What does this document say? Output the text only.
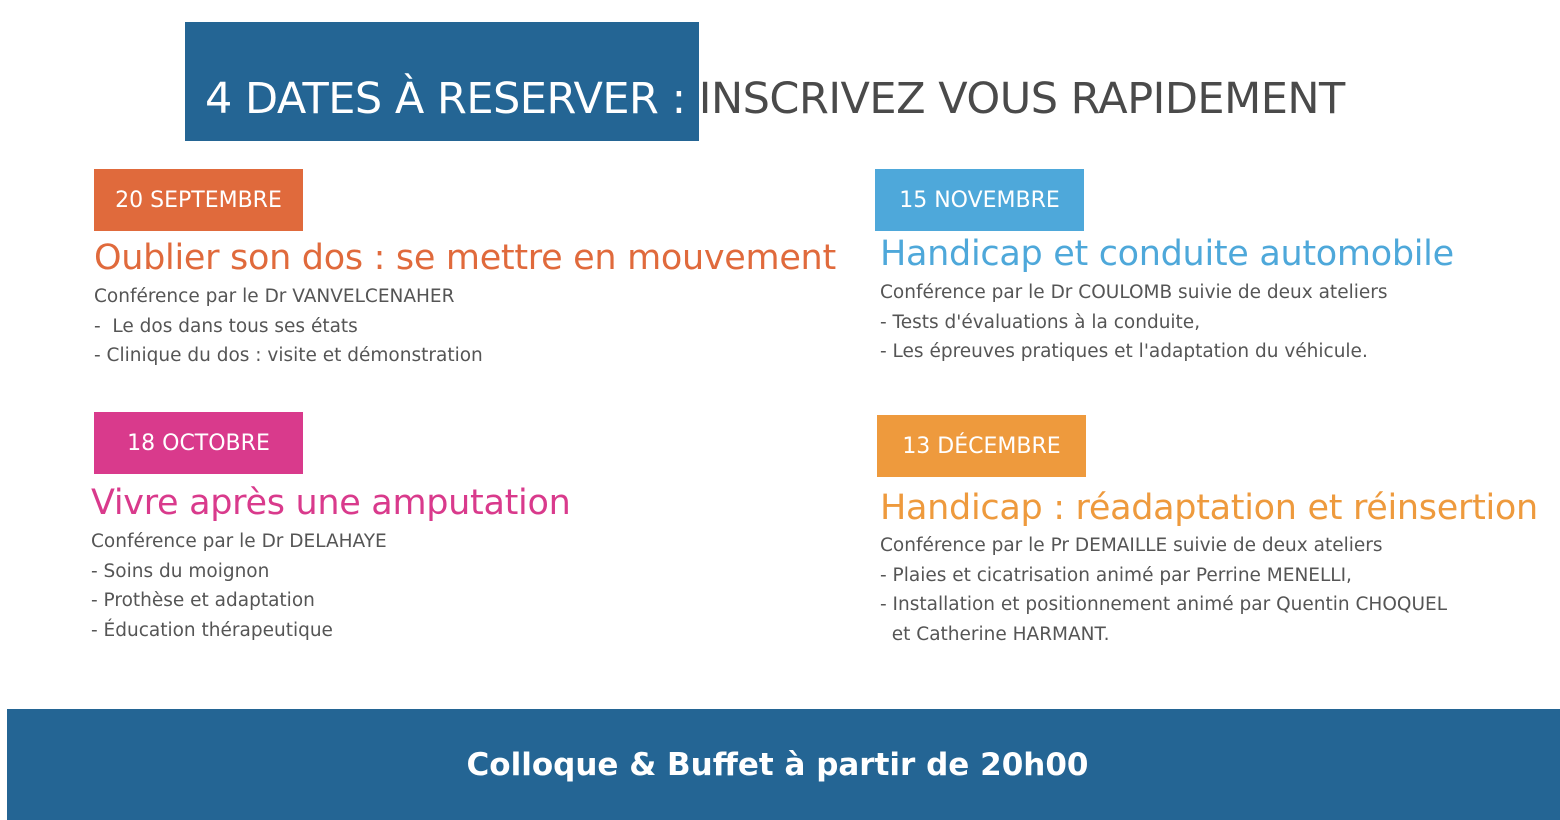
4 DATES À RESERVER : INSCRIVEZ VOUS RAPIDEMENT
20 SEPTEMBRE
Oublier son dos : se mettre en mouvement
Conférence par le Dr VANVELCENAHER
-  Le dos dans tous ses états
- Clinique du dos : visite et démonstration
15 NOVEMBRE
Handicap et conduite automobile
Conférence par le Dr COULOMB suivie de deux ateliers
- Tests d'évaluations à la conduite,
- Les épreuves pratiques et l'adaptation du véhicule.
18 OCTOBRE
Vivre après une amputation
Conférence par le Dr DELAHAYE
- Soins du moignon
- Prothèse et adaptation
- Éducation thérapeutique
13 DÉCEMBRE
Handicap : réadaptation et réinsertion
Conférence par le Pr DEMAILLE suivie de deux ateliers
- Plaies et cicatrisation animé par Perrine MENELLI,
- Installation et positionnement animé par Quentin CHOQUEL
et Catherine HARMANT.
Colloque & Buffet à partir de 20h00
